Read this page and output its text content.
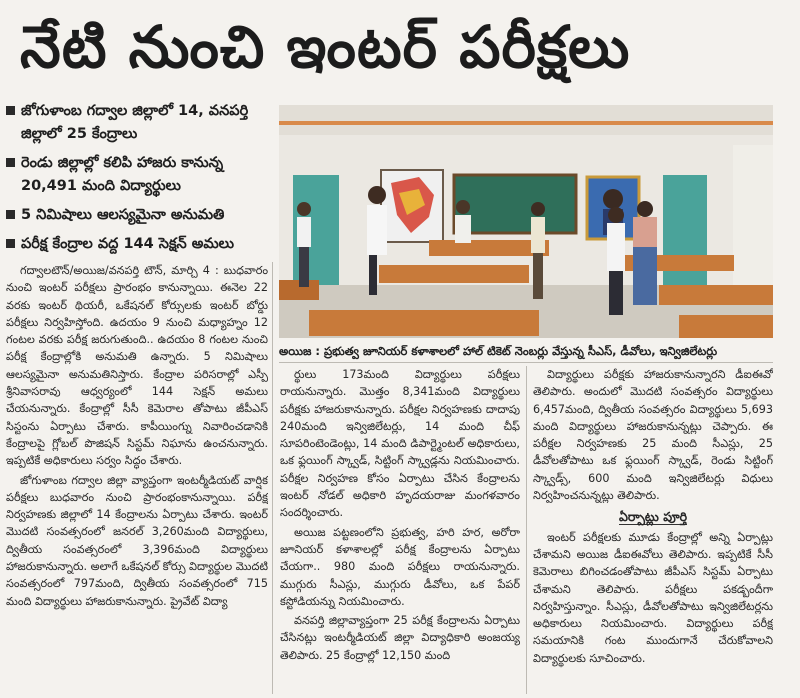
నేటి నుంచి ఇంటర్ పరీక్షలు
జోగుళాంబ గద్వాల జిల్లాలో 14, వనపర్తి జిల్లాలో 25 కేంద్రాలు
రెండు జిల్లాల్లో కలిపి హాజరు కానున్న 20,491 మంది విద్యార్థులు
5 నిమిషాలు ఆలస్యమైనా అనుమతి
పరీక్ష కేంద్రాల వద్ద 144 సెక్షన్ అమలు
అయిజ : ప్రభుత్వ జూనియర్ కళాశాలలో హాల్ టికెట్ నెంబర్లు వేస్తున్న సీఎస్, డీవోలు, ఇన్విజిలేటర్లు

గద్వాలటౌన్/అయిజ/వనపర్తి టౌన్, మార్చి 4 : బుధవారం నుంచి ఇంటర్ పరీక్షలు ప్రారంభం కానున్నాయి. ఈనెల 22 వరకు ఇంటర్ థియరీ, ఒకేషనల్ కోర్సులకు ఇంటర్ బోర్డు పరీక్షలు నిర్వహిస్తోంది. ఉదయం 9 నుంచి మధ్యాహ్నం 12 గంటల వరకు పరీక్ష జరుగుతుంది.. ఉదయం 8 గంటల నుంచి పరీక్ష కేంద్రాల్లోకి అనుమతి ఉన్నారు. 5 నిమిషాలు ఆలస్యమైనా అనుమతినిస్తారు. కేంద్రాల పరిసరాల్లో ఎస్పీ శ్రీనివాసరావు ఆధ్వర్యంలో 144 సెక్షన్ అమలు చేయనున్నారు. కేంద్రాల్లో సీసీ కెమెరాల తోపాటు జీపీఎస్ సిస్టంను ఏర్పాటు చేశారు. కాపీయింగ్ను నివారించడానికి కేంద్రాలపై గ్లోబల్ పొజిషన్ సిస్టమ్ నిఘాను ఉంచనున్నారు. ఇప్పటికే అధికారులు సర్వం సిద్ధం చేశారు.

జోగుళాంబ గద్వాల జిల్లా వ్యాప్తంగా ఇంటర్మీడియట్ వార్షిక పరీక్షలు బుధవారం నుంచి ప్రారంభంకానున్నాయి. పరీక్ష నిర్వహణకు జిల్లాలో 14 కేంద్రాలను ఏర్పాటు చేశారు. ఇంటర్ మొదటి సంవత్సరంలో జనరల్ 3,260మంది విద్యార్థులు, ద్వితీయ సంవత్సరంలో 3,396మంది విద్యార్థులు హాజరుకానున్నారు. అలాగే ఒకేషనల్ కోర్సు విద్యార్థుల మొదటి సంవత్సరంలో 797మంది, ద్వితీయ సంవత్సరంలో 715 మంది విద్యార్థులు హాజరుకానున్నారు. ప్రైవేట్ విద్యా

ర్థులు 173మంది విద్యార్థులు పరీక్షలు రాయనున్నారు. మొత్తం 8,341మంది విద్యార్థులు పరీక్షకు హాజరుకానున్నారు. పరీక్షల నిర్వహణకు దాదాపు 240మంది ఇన్విజిలేటర్లు, 14 మంది చీఫ్ సూపరింటెండెంట్లు, 14 మంది డిపార్ట్మెంటల్ అధికారులు, ఒక ఫ్లయింగ్ స్క్వాడ్, సిట్టింగ్ స్క్వాడ్లను నియమించారు. పరీక్షల నిర్వహణ కోసం ఏర్పాటు చేసిన కేంద్రాలను ఇంటర్ నోడల్ అధికారి హృదయరాజు మంగళవారం సందర్శించారు.

అయిజ పట్టణంలోని ప్రభుత్వ, హరి హర, అరోరా జూనియర్ కళాశాలల్లో పరీక్ష కేంద్రాలను ఏర్పాటు చేయగా.. 980 మంది పరీక్షలు రాయనున్నారు. ముగ్గురు సీఎస్లు, ముగ్గురు డీవోలు, ఒక పేపర్ కస్టోడియన్ను నియమించారు.

వనపర్తి జిల్లావ్యాప్తంగా 25 పరీక్ష కేంద్రాలను ఏర్పాటు చేసినట్లు ఇంటర్మీడియట్ జిల్లా విద్యాధికారి అంజయ్య తెలిపారు. 25 కేంద్రాల్లో 12,150 మంది

విద్యార్థులు పరీక్షకు హాజరుకానున్నారని డీఐఈవో తెలిపారు. అందులో మొదటి సంవత్సరం విద్యార్థులు 6,457మంది, ద్వితీయ సంవత్సరం విద్యార్థులు 5,693 మంది విద్యార్థులు హాజరుకానున్నట్లు చెప్పారు. ఈ పరీక్షల నిర్వహణకు 25 మంది సీఎస్లు, 25 డీవోలతోపాటు ఒక ఫ్లయింగ్ స్క్వాడ్, రెండు సిట్టింగ్ స్క్వాడ్స్, 600 మంది ఇన్విజిలేటర్లు విధులు నిర్వహించనున్నట్లు తెలిపారు.

ఏర్పాట్లు పూర్తి

ఇంటర్ పరీక్షలకు మూడు కేంద్రాల్లో అన్ని ఏర్పాట్లు చేశామని అయిజ డీఐఈవోలు తెలిపారు. ఇప్పటికే సీసీ కెమెరాలు బిగించడంతోపాటు జీపీఎస్ సిస్టమ్ ఏర్పాటు చేశామని తెలిపారు. పరీక్షలు పకడ్బందీగా నిర్వహిస్తున్నాం. సీఎస్లు, డీవోలతోపాటు ఇన్విజిలేటర్లను అధికారులు నియమించారు. విద్యార్థులు పరీక్ష సమయానికి గంట ముందుగానే చేరుకోవాలని విద్యార్థులకు సూచించారు.
